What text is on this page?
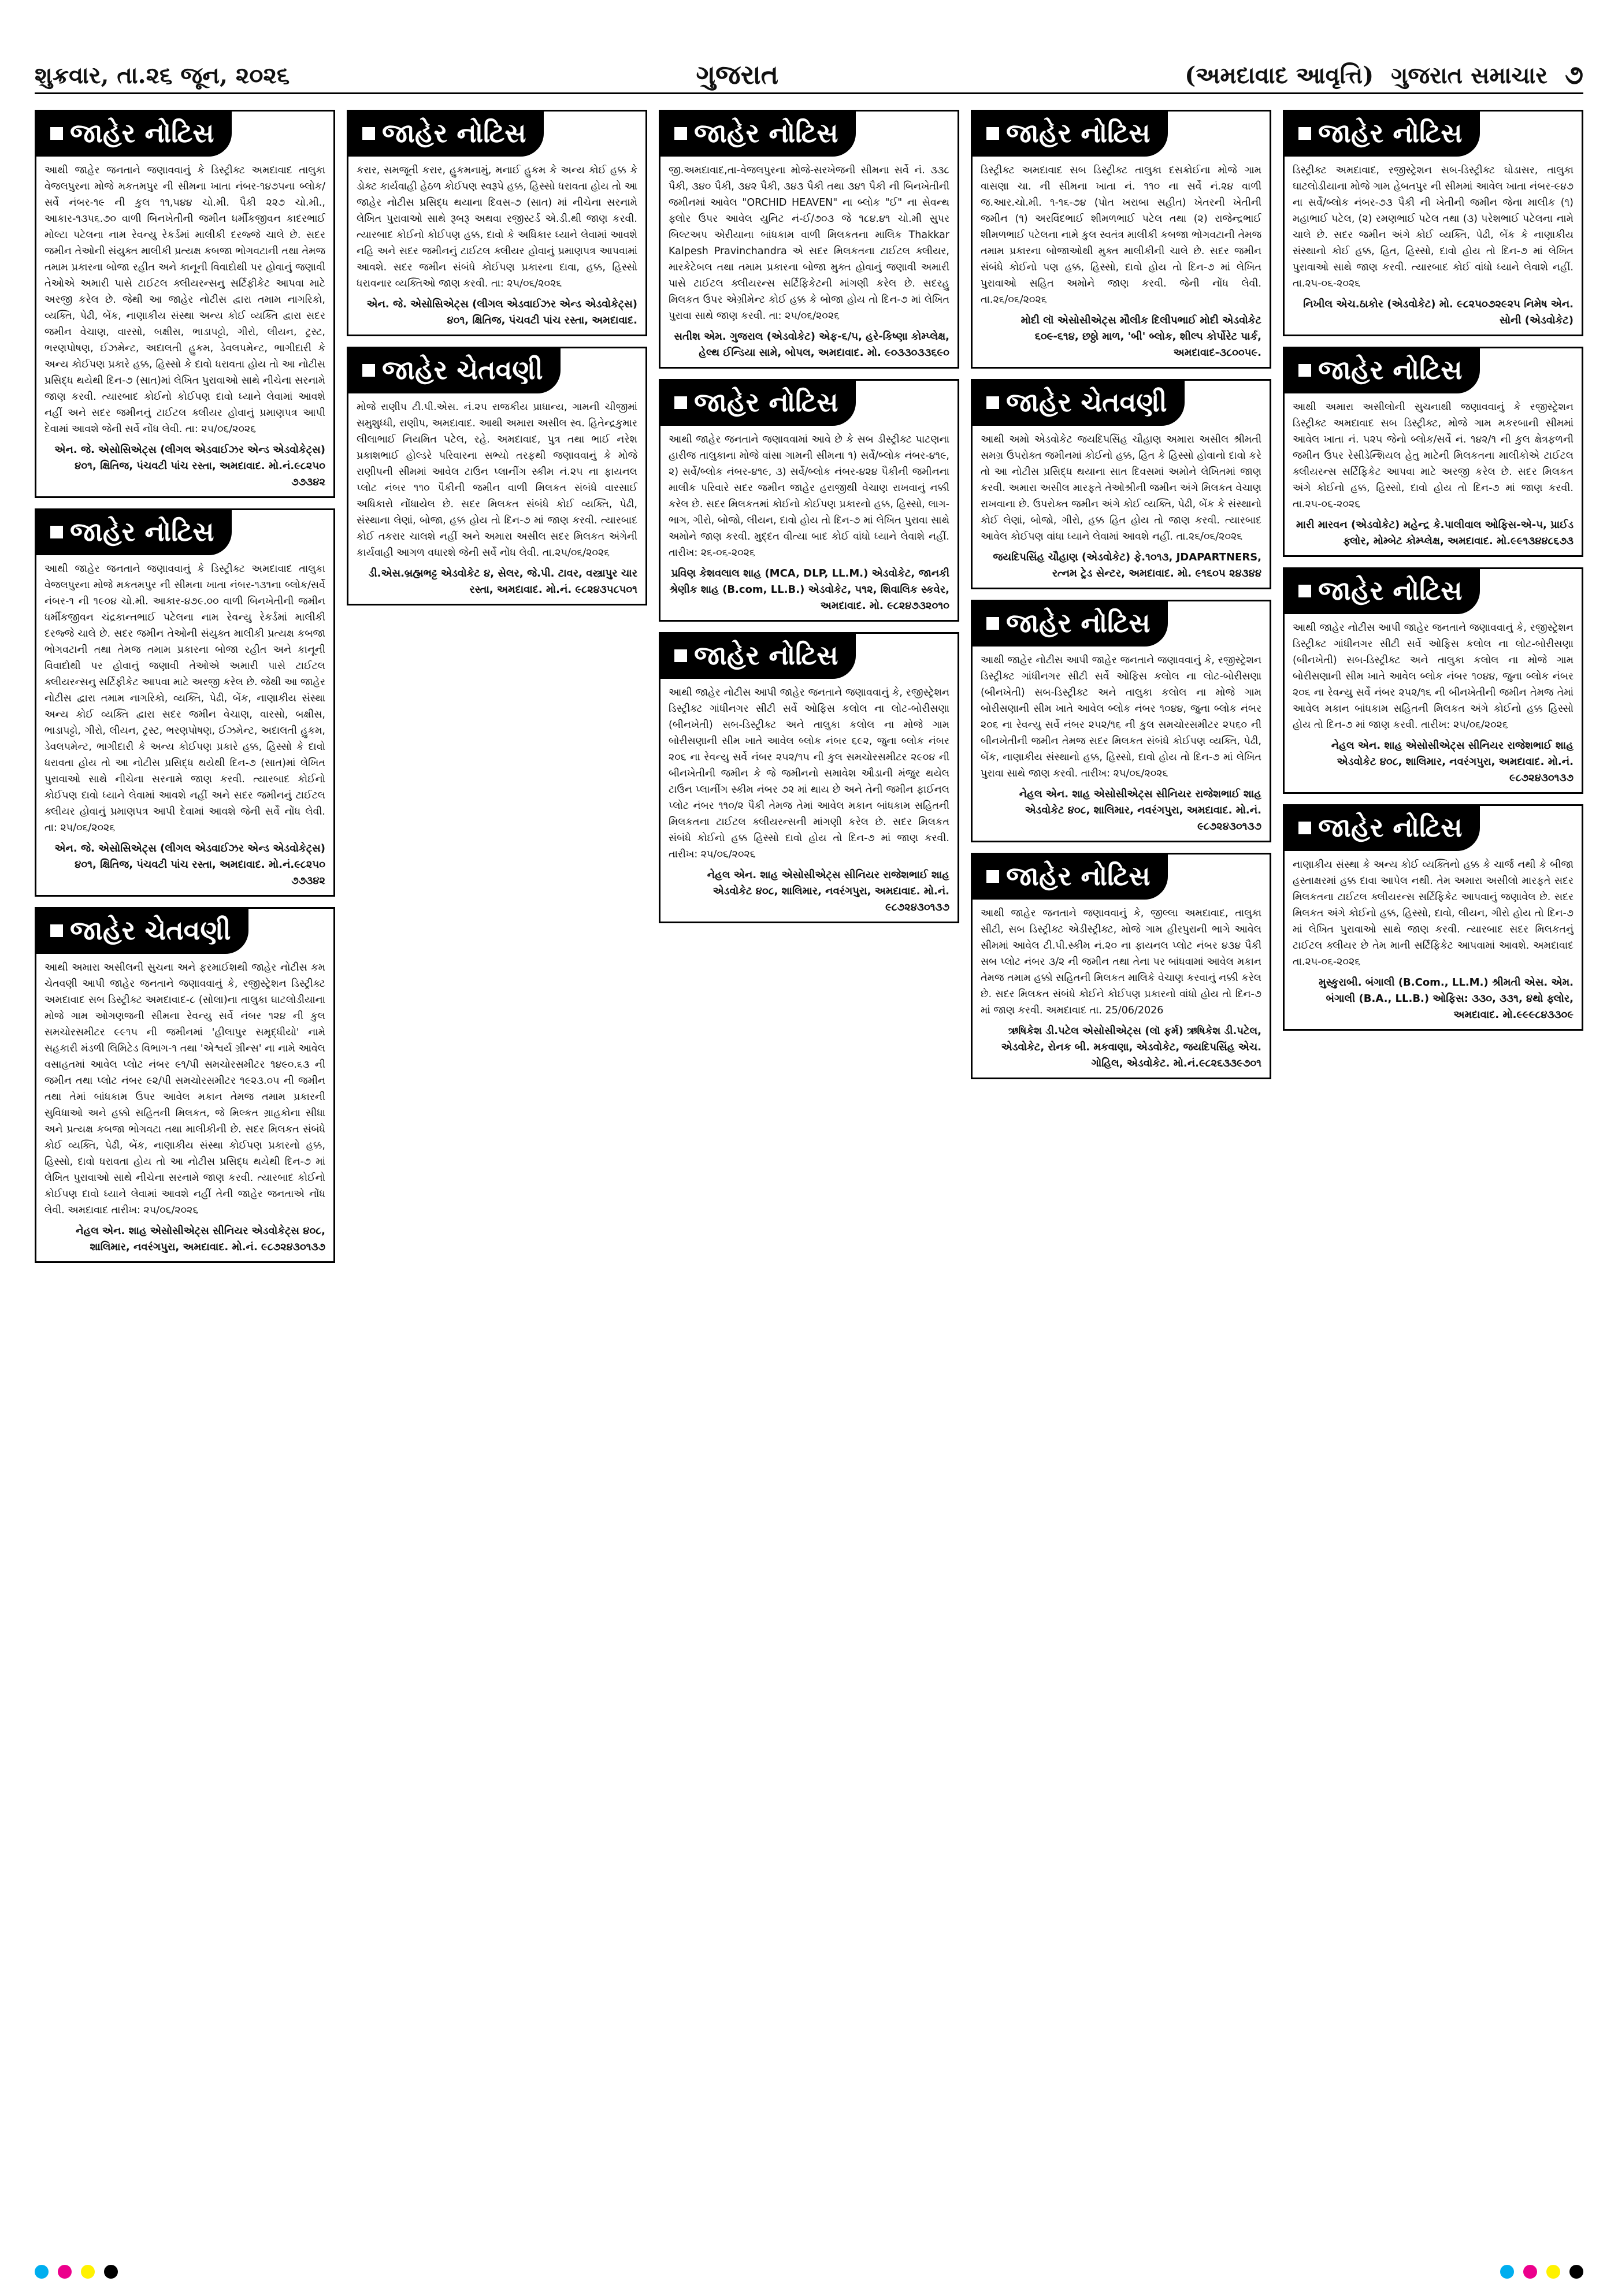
શુક્રવાર, તા.૨૬ જૂન, ૨૦૨૬	ગુજરાત	(અમદાવાદ આવૃત્તિ) ગુજરાત સમાચાર ૭
જાહેર નોટિસ

આથી જાહેર જનતાને જણાવવાનું કે ડિસ્ટ્રીક્ટ અમદાવાદ તાલુકા વેજલપુરના મોજે મકતમપુર ની સીમના ખાતા નંબર-૧૪૭૫ના બ્લોક/સર્વે નંબર-૧૯ ની કુલ ૧૧,૫૪૪ ચો.મી. પૈકી ૨૨૭ ચો.મી., આકાર-૧૩૫૬.૭૦ વાળી બિનખેતીની જમીન ધર્મીકજીવન કાદરભાઈ મોલ્ટા પટેલના નામ રેવન્યુ રેકર્ડમાં માલીકી દરજ્જે ચાલે છે. સદર જમીન તેઓની સંયુક્ત માલીકી પ્રત્યક્ષ કબજા ભોગવટાની તથા તેમજ તમામ પ્રકારના બોજા રહીત અને કાનૂની વિવાદોથી પર હોવાનું જણાવી તેઓએ અમારી પાસે ટાઈટલ ક્લીયરન્સનુ સર્ટિફીકેટ આપવા માટે અરજી કરેલ છે. જેથી આ જાહેર નોટીસ દ્વારા તમામ નાગરિકો, વ્યક્તિ, પેઢી, બેંક, નાણાકીય સંસ્થા અન્ય કોઈ વ્યક્તિ દ્વારા સદર જમીન વેચાણ, વારસો, બક્ષીસ, ભાડાપટ્ટો, ગીરો, લીયન, ટ્રસ્ટ, ભરણપોષણ, ઈઝમેન્ટ, અદાલતી હુકમ, ડેવલપમેન્ટ, ભાગીદારી કે અન્ય કોઈપણ પ્રકારે હક્ક, હિસ્સો કે દાવો ધરાવતા હોય તો આ નોટીસ પ્રસિદ્ધ થયેથી દિન-૭ (સાત)માં લેખિત પુરાવાઓ સાથે નીચેના સરનામે જાણ કરવી. ત્યારબાદ કોઈનો કોઈપણ દાવો ધ્યાને લેવામાં આવશે નહીં અને સદર જમીનનું ટાઈટલ ક્લીયર હોવાનું પ્રમાણપત્ર આપી દેવામાં આવશે જેની સર્વે નોંધ લેવી. તા: ૨૫/૦૬/૨૦૨૬

એન. જે. એસોસિએટ્સ (લીગલ એડવાઈઝર એન્ડ એડવોકેટ્સ) ૪૦૧, ક્ષિતિજ, પંચવટી પાંચ રસ્તા, અમદાવાદ. મો.નં.૯૮૨૫૦ ૭૭૩૪૨
જાહેર નોટિસ

આથી જાહેર જનતાને જણાવવાનું કે ડિસ્ટ્રીક્ટ અમદાવાદ તાલુકા વેજલપુરના મોજે મકતમપુર ની સીમના ખાતા નંબર-૧૩૧ના બ્લોક/સર્વે નંબર-૧ ની ૧૯૦૪ ચો.મી. આકાર-૪૭૯.૦૦ વાળી બિનખેતીની જમીન ધર્મીકજીવન ચંદ્રકાન્તભાઈ પટેલના નામ રેવન્યુ રેકર્ડમાં માલીકી દરજ્જે ચાલે છે. સદર જમીન તેઓની સંયુક્ત માલીકી પ્રત્યક્ષ કબજા ભોગવટાની તથા તેમજ તમામ પ્રકારના બોજા રહીત અને કાનૂની વિવાદોથી પર હોવાનું જણાવી તેઓએ અમારી પાસે ટાઈટલ ક્લીયરન્સનુ સર્ટિફીકેટ આપવા માટે અરજી કરેલ છે. જેથી આ જાહેર નોટીસ દ્વારા તમામ નાગરિકો, વ્યક્તિ, પેઢી, બેંક, નાણાકીય સંસ્થા અન્ય કોઈ વ્યક્તિ દ્વારા સદર જમીન વેચાણ, વારસો, બક્ષીસ, ભાડાપટ્ટો, ગીરો, લીયન, ટ્રસ્ટ, ભરણપોષણ, ઈઝમેન્ટ, અદાલતી હુકમ, ડેવલપમેન્ટ, ભાગીદારી કે અન્ય કોઈપણ પ્રકારે હક્ક, હિસ્સો કે દાવો ધરાવતા હોય તો આ નોટીસ પ્રસિદ્ધ થયેથી દિન-૭ (સાત)માં લેખિત પુરાવાઓ સાથે નીચેના સરનામે જાણ કરવી. ત્યારબાદ કોઈનો કોઈપણ દાવો ધ્યાને લેવામાં આવશે નહીં અને સદર જમીનનું ટાઈટલ ક્લીયર હોવાનું પ્રમાણપત્ર આપી દેવામાં આવશે જેની સર્વે નોંધ લેવી. તા: ૨૫/૦૬/૨૦૨૬

એન. જે. એસોસિએટ્સ (લીગલ એડવાઈઝર એન્ડ એડવોકેટ્સ) ૪૦૧, ક્ષિતિજ, પંચવટી પાંચ રસ્તા, અમદાવાદ. મો.નં.૯૮૨૫૦ ૭૭૩૪૨
જાહેર ચેતવણી

આથી અમારા અસીલની સુચના અને ફરમાઈશથી જાહેર નોટીસ કમ ચેતવણી આપી જાહેર જનતાને જણાવવાનું કે, રજીસ્ટ્રેશન ડિસ્ટ્રીક્ટ અમદાવાદ સબ ડિસ્ટ્રીક્ટ અમદાવાદ-૮ (સોલા)ના તાલુકા ઘાટલોડીયાના મોજે ગામ ઓગણજની સીમના રેવન્યુ સર્વે નંબર ૧૨૪ ની કુલ સમચોરસમીટર ૯૯૧૫ ની જમીનમાં 'હીલાપુર સમૃદ્ધીયો' નામે સહકારી મંડળી લિમિટેડ વિભાગ-૧ તથા 'એશ્વર્ય ગ્રીન્સ' ના નામે આવેલ વસાહતમાં આવેલ પ્લોટ નંબર ૯૧/પી સમચોરસમીટર ૧૪૯૦.૬૩ ની જમીન તથા પ્લોટ નંબર ૯૨/પી સમચોરસમીટર ૧૯૨૩.૦૫ ની જમીન તથા તેમાં બાંધકામ ઉપર આવેલ મકાન તેમજ તમામ પ્રકારની સુવિધાઓ અને હક્કો સહિતની મિલકત, જે મિલ્કત ગ્રાહકોના સીધા અને પ્રત્યક્ષ કબજા ભોગવટા તથા માલીકીની છે. સદર મિલકત સંબંધે કોઈ વ્યક્તિ, પેઢી, બેંક, નાણાકીય સંસ્થા કોઈપણ પ્રકારનો હક્ક, હિસ્સો, દાવો ધરાવતા હોય તો આ નોટીસ પ્રસિદ્ધ થયેથી દિન-૭ માં લેખિત પુરાવાઓ સાથે નીચેના સરનામે જાણ કરવી. ત્યારબાદ કોઈનો કોઈપણ દાવો ધ્યાને લેવામાં આવશે નહીં તેની જાહેર જનતાએ નોંધ લેવી. અમદાવાદ તારીખ: ૨૫/૦૬/૨૦૨૬

નેહલ એન. શાહ એસોસીએટ્સ સીનિયર એડવોકેટ્સ ૪૦૮, શાલિમાર, નવરંગપુરા, અમદાવાદ. મો.નં. ૯૮૭૨૪૩૦૧૩૭
જાહેર નોટિસ

કરાર, સમજૂતી કરાર, હુકમનામું, મનાઈ હુકમ કે અન્ય કોઈ હક્ક કે ડોક્ટ કાર્યવાહી હેઠળ કોઈપણ સ્વરૂપે હક્ક, હિસ્સો ધરાવતા હોય તો આ જાહેર નોટીસ પ્રસિદ્ધ થયાના દિવસ-૭ (સાત) માં નીચેના સરનામે લેખિત પુરાવાઓ સાથે રૂબરૂ અથવા રજીસ્ટર્ડ એ.ડી.થી જાણ કરવી. ત્યારબાદ કોઈનો કોઈપણ હક્ક, દાવો કે અધિકાર ધ્યાને લેવામાં આવશે નહિ અને સદર જમીનનું ટાઈટલ ક્લીયર હોવાનું પ્રમાણપત્ર આપવામાં આવશે. સદર જમીન સંબંધે કોઈપણ પ્રકારના દાવા, હક્ક, હિસ્સો ધરાવનાર વ્યક્તિઓ જાણ કરવી. તા: ૨૫/૦૬/૨૦૨૬

એન. જે. એસોસિએટ્સ (લીગલ એડવાઈઝર એન્ડ એડવોકેટ્સ) ૪૦૧, ક્ષિતિજ, પંચવટી પાંચ રસ્તા, અમદાવાદ.
જાહેર ચેતવણી

મોજે રાણીપ ટી.પી.એસ. નં.૨૫ રાજકીય પ્રાધાન્ય, ગામની ચીજીમાં સમુશુધ્ધી, રાણીપ, અમદાવાદ. આથી અમારા અસીલ સ્વ. હિતેન્દ્રકુમાર લીલાભાઈ નિયમિત પટેલ, રહે. અમદાવાદ, પુત્ર તથા ભાઈ નરેશ પ્રકાશભાઈ હોલ્ડરે પરિવારના સભ્યો તરફથી જણાવવાનું કે મોજે રાણીપની સીમમાં આવેલ ટાઉન પ્લાનીંગ સ્કીમ નં.૨૫ ના ફાયનલ પ્લોટ નંબર ૧૧૦ પૈકીની જમીન વાળી મિલકત સંબંધે વારસાઈ અધિકારો નોંધાયેલ છે. સદર મિલકત સંબંધે કોઈ વ્યક્તિ, પેઢી, સંસ્થાના લેણાં, બોજા, હક્ક હોય તો દિન-૭ માં જાણ કરવી. ત્યારબાદ કોઈ તકરાર ચાલશે નહીં અને અમારા અસીલ સદર મિલકત અંગેની કાર્યવાહી આગળ વધારશે જેની સર્વે નોંધ લેવી. તા.૨૫/૦૬/૨૦૨૬

ડી.એસ.બ્રહ્મભટ્ટ એડવોકેટ ૪, સેલર, જે.પી. ટાવર, વસ્ત્રાપુર ચાર રસ્તા, અમદાવાદ. મો.નં. ૯૮૨૪૩૫૮૫૦૧
જાહેર નોટિસ

જી.અમદાવાદ,તા-વેજલપુરના મોજે-સરખેજની સીમના સર્વે નં. ૩૩૮ પૈકી, ૩૪૦ પૈકી, ૩૪૨ પૈકી, ૩૪૩ પૈકી તથા ૩૪૧ પૈકી ની બિનખેતીની જમીનમાં આવેલ "ORCHID HEAVEN" ના બ્લોક "ઈ" ના સેવન્થ ફ્લોર ઉપર આવેલ યુનિટ નં-ઈ/૭૦૩ જે ૧૮૪.૪૧ ચો.મી સુપર બિલ્ટઅપ એરીયાના બાંધકામ વાળી મિલકતના માલિક Thakkar Kalpesh Pravinchandra એ સદર મિલકતના ટાઈટલ ક્લીયર, મારકેટેબલ તથા તમામ પ્રકારના બોજા મુક્ત હોવાનું જણાવી અમારી પાસે ટાઈટલ ક્લીયરન્સ સર્ટિફિકેટની માંગણી કરેલ છે. સદરહુ મિલકત ઉપર એગ્રીમેન્ટ કોઈ હક્ક કે બોજા હોય તો દિન-૭ માં લેખિત પુરાવા સાથે જાણ કરવી. તા: ૨૫/૦૬/૨૦૨૬

સતીશ એમ. ગુજરાલ (એડવોકેટ) એફ-૬/૫, હરે-કિષ્ણા કોમ્પ્લેક્ષ, હેલ્થ ઈન્ડિયા સામે, બોપલ, અમદાવાદ. મો. ૯૦૩૩૦૩૩૬૯૦
જાહેર નોટિસ

આથી જાહેર જનતાને જણાવવામાં આવે છે કે સબ ડીસ્ટ્રીક્ટ પાટણના હારીજ તાલુકાના મોજે વાંસા ગામની સીમના ૧) સર્વે/બ્લોક નંબર-૪૧૯, ૨) સર્વે/બ્લોક નંબર-૪૧૯, ૩) સર્વે/બ્લોક નંબર-૪૨૪ પૈકીની જમીનના માલીક પરિવારે સદર જમીન જાહેર હરાજીથી વેચાણ રાખવાનું નક્કી કરેલ છે. સદર મિલકતમાં કોઈનો કોઈપણ પ્રકારનો હક્ક, હિસ્સો, લાગ-ભાગ, ગીરો, બોજો, લીયન, દાવો હોય તો દિન-૭ માં લેખિત પુરાવા સાથે અમોને જાણ કરવી. મુદ્દત વીત્યા બાદ કોઈ વાંધો ધ્યાને લેવાશે નહીં. તારીખ: ૨૬-૦૬-૨૦૨૬

પ્રવિણ કેશવલાલ શાહ (MCA, DLP, LL.M.) એડવોકેટ, જાનકી શ્રેણીક શાહ (B.com, LL.B.) એડવોકેટ, ૫૧૨, શિવાલિક સ્કવેર, અમદાવાદ. મો. ૯૮૨૪૭૩૨૦૧૦
જાહેર નોટિસ

આથી જાહેર નોટીસ આપી જાહેર જનતાને જણાવવાનું કે, રજીસ્ટ્રેશન ડિસ્ટ્રીક્ટ ગાંધીનગર સીટી સર્વે ઓફિસ કલોલ ના લોટ-બોરીસણા (બીનખેતી) સબ-ડિસ્ટ્રીક્ટ અને તાલુકા કલોલ ના મોજે ગામ બોરીસણાની સીમ ખાતે આવેલ બ્લોક નંબર ૬૯૨, જુના બ્લોક નંબર ૨૦૬ ના રેવન્યુ સર્વે નંબર ૨૫૨/૧૫ ની કુલ સમચોરસમીટર ૨૯૦૪ ની બીનખેતીની જમીન કે જે જમીનનો સમાવેશ ઔડાની મંજુર થયેલ ટાઉન પ્લાનીંગ સ્કીમ નંબર ૭૨ માં થાય છે અને તેની જમીન ફાઈનલ પ્લોટ નંબર ૧૧૦/૨ પૈકી તેમજ તેમાં આવેલ મકાન બાંધકામ સહિતની મિલકતના ટાઈટલ ક્લીયરન્સની માંગણી કરેલ છે. સદર મિલકત સંબંધે કોઈનો હક્ક હિસ્સો દાવો હોય તો દિન-૭ માં જાણ કરવી. તારીખ: ૨૫/૦૬/૨૦૨૬

નેહલ એન. શાહ એસોસીએટ્સ સીનિયર રાજેશભાઈ શાહ એડવોકેટ ૪૦૮, શાલિમાર, નવરંગપુરા, અમદાવાદ. મો.નં. ૯૮૭૨૪૩૦૧૩૭
જાહેર નોટિસ

ડિસ્ટ્રીક્ટ અમદાવાદ સબ ડિસ્ટ્રીક્ટ તાલુકા દસક્રોઈના મોજે ગામ વાસણા ચા. ની સીમના ખાતા નં. ૧૧૦ ના સર્વે નં.૨૪ વાળી જ.આર.ચો.મી. ૧-૧૬-૭૪ (પોત ખરાબા સહીત) ખેતરની ખેતીની જમીન (૧) અરવિંદભાઈ શીમળભાઈ પટેલ તથા (૨) રાજેન્દ્રભાઈ શીમળભાઈ પટેલના નામે કુલ સ્વતંત્ર માલીકી કબજા ભોગવટાની તેમજ તમામ પ્રકારના બોજાઓથી મુક્ત માલીકીની ચાલે છે. સદર જમીન સંબંધે કોઈનો પણ હક્ક, હિસ્સો, દાવો હોય તો દિન-૭ માં લેખિત પુરાવાઓ સહિત અમોને જાણ કરવી. જેની નોંધ લેવી. તા.૨૬/૦૬/૨૦૨૬

મોદી લૉ એસોસીએટ્સ મૌલીક દિલીપભાઈ મોદી એડવોકેટ ૬૦૯-૬૧૪, છઠ્ઠો માળ, 'બી' બ્લોક, શીલ્પ કોર્પોરેટ પાર્ક, અમદાવાદ-૩૮૦૦૫૯.
જાહેર ચેતવણી

આથી અમો એડવોકેટ જયદિપસિંહ ચૌહાણ અમારા અસીલ શ્રીમતી સમગ્ર ઉપરોક્ત જમીનમાં કોઈનો હક્ક, હિત કે હિસ્સો હોવાનો દાવો કરે તો આ નોટીસ પ્રસિદ્ધ થયાના સાત દિવસમાં અમોને લેખિતમાં જાણ કરવી. અમારા અસીલ મારફતે તેઓશ્રીની જમીન અંગે મિલકત વેચાણ રાખવાના છે. ઉપરોક્ત જમીન અંગે કોઈ વ્યક્તિ, પેઢી, બેંક કે સંસ્થાનો કોઈ લેણાં, બોજો, ગીરો, હક્ક હિત હોય તો જાણ કરવી. ત્યારબાદ આવેલ કોઈપણ વાંધા ધ્યાને લેવામાં આવશે નહીં. તા.૨૬/૦૬/૨૦૨૬

જયદિપસિંહ ચૌહાણ (એડવોકેટ) ફે.૧૦૧૩, JDAPARTNERS, રત્નમ ટ્રેડ સેન્ટર, અમદાવાદ. મો. ૯૧૬૦૫ ૨૪૩૪૪
જાહેર નોટિસ

આથી જાહેર નોટીસ આપી જાહેર જનતાને જણાવવાનું કે, રજીસ્ટ્રેશન ડિસ્ટ્રીક્ટ ગાંધીનગર સીટી સર્વે ઓફિસ કલોલ ના લોટ-બોરીસણા (બીનખેતી) સબ-ડિસ્ટ્રીક્ટ અને તાલુકા કલોલ ના મોજે ગામ બોરીસણાની સીમ ખાતે આવેલ બ્લોક નંબર ૧૦૪૪, જુના બ્લોક નંબર ૨૦૬ ના રેવન્યુ સર્વે નંબર ૨૫૨/૧૬ ની કુલ સમચોરસમીટર ૨૫૬૦ ની બીનખેતીની જમીન તેમજ સદર મિલકત સંબંધે કોઈપણ વ્યક્તિ, પેઢી, બેંક, નાણાકીય સંસ્થાનો હક્ક, હિસ્સો, દાવો હોય તો દિન-૭ માં લેખિત પુરાવા સાથે જાણ કરવી. તારીખ: ૨૫/૦૬/૨૦૨૬

નેહલ એન. શાહ એસોસીએટ્સ સીનિયર રાજેશભાઈ શાહ એડવોકેટ ૪૦૮, શાલિમાર, નવરંગપુરા, અમદાવાદ. મો.નં. ૯૮૭૨૪૩૦૧૩૭
જાહેર નોટિસ

આથી જાહેર જનતાને જણાવવાનું કે, જીલ્લા અમદાવાદ, તાલુકા સીટી, સબ ડિસ્ટ્રીક્ટ એડીસ્ટ્રીક્ટ, મોજે ગામ હીરપુરાની ભાગે આવેલ સીમમાં આવેલ ટી.પી.સ્કીમ નં.૨૦ ના ફાયનલ પ્લોટ નંબર ૪૩૪ પૈકી સબ પ્લોટ નંબર ૩/૨ ની જમીન તથા તેના પર બાંધવામાં આવેલ મકાન તેમજ તમામ હક્કો સહિતની મિલકત માલિકે વેચાણ કરવાનું નક્કી કરેલ છે. સદર મિલકત સંબંધે કોઈને કોઈપણ પ્રકારનો વાંધો હોય તો દિન-૭ માં જાણ કરવી. અમદાવાદ તા. 25/06/2026

ઋષિકેશ ડી.પટેલ એસોસીએટ્સ (લૉ ફર્મ) ઋષિકેશ ડી.પટેલ, એડવોકેટ, રોનક બી. મકવાણા, એડવોકેટ, જયદિપસિંહ એચ. ગોહિલ, એડવોકેટ. મો.નં.૯૮૨૬૩૩૯૭૦૧
જાહેર નોટિસ

ડિસ્ટ્રીક્ટ અમદાવાદ, રજીસ્ટ્રેશન સબ-ડિસ્ટ્રીક્ટ ઘોડાસર, તાલુકા ઘાટલોડીયાના મોજે ગામ હેબતપુર ની સીમમાં આવેલ ખાતા નંબર-૯૪૭ ના સર્વે/બ્લોક નંબર-૭૩ પૈકી ની ખેતીની જમીન જેના માલીક (૧) મહાભાઈ પટેલ, (૨) રમણભાઈ પટેલ તથા (૩) પરેશભાઈ પટેલના નામે ચાલે છે. સદર જમીન અંગે કોઈ વ્યક્તિ, પેઢી, બેંક કે નાણાકીય સંસ્થાનો કોઈ હક્ક, હિત, હિસ્સો, દાવો હોય તો દિન-૭ માં લેખિત પુરાવાઓ સાથે જાણ કરવી. ત્યારબાદ કોઈ વાંધો ધ્યાને લેવાશે નહીં. તા.૨૫-૦૬-૨૦૨૬

નિખીલ એચ.ઠાકોર (એડવોકેટ) મો. ૯૮૨૫૦૭૨૯૨૫ નિમેષ એન. સોની (એડવોકેટ)
જાહેર નોટિસ

આથી અમારા અસીલોની સુચનાથી જણાવવાનું કે રજીસ્ટ્રેશન ડિસ્ટ્રીક્ટ અમદાવાદ સબ ડિસ્ટ્રીક્ટ, મોજે ગામ મકરબાની સીમમાં આવેલ ખાતા નં. ૫૨૫ જેનો બ્લોક/સર્વે નં. ૧૪૨/૧ ની કુલ ક્ષેત્રફળની જમીન ઉપર રેસીડેન્શિયલ હેતુ માટેની મિલકતના માલીકોએ ટાઈટલ ક્લીયરન્સ સર્ટિફિકેટ આપવા માટે અરજી કરેલ છે. સદર મિલકત અંગે કોઈનો હક્ક, હિસ્સો, દાવો હોય તો દિન-૭ માં જાણ કરવી. તા.૨૫-૦૬-૨૦૨૬

મારી મારવન (એડવોકેટ) મહેન્દ્ર કે.પાલીવાલ ઓફિસ-એ-૫, પ્રાઈડ ફ્લોર, મોમ્બેટ કોમ્પ્લેક્ષ, અમદાવાદ. મો.૯૯૧૩૪૪૮૬૭૩
જાહેર નોટિસ

આથી જાહેર નોટીસ આપી જાહેર જનતાને જણાવવાનું કે, રજીસ્ટ્રેશન ડિસ્ટ્રીક્ટ ગાંધીનગર સીટી સર્વે ઓફિસ કલોલ ના લોટ-બોરીસણા (બીનખેતી) સબ-ડિસ્ટ્રીક્ટ અને તાલુકા કલોલ ના મોજે ગામ બોરીસણાની સીમ ખાતે આવેલ બ્લોક નંબર ૧૦૪૪, જુના બ્લોક નંબર ૨૦૬ ના રેવન્યુ સર્વે નંબર ૨૫૨/૧૬ ની બીનખેતીની જમીન તેમજ તેમાં આવેલ મકાન બાંધકામ સહિતની મિલકત અંગે કોઈનો હક્ક હિસ્સો હોય તો દિન-૭ માં જાણ કરવી. તારીખ: ૨૫/૦૬/૨૦૨૬

નેહલ એન. શાહ એસોસીએટ્સ સીનિયર રાજેશભાઈ શાહ એડવોકેટ ૪૦૮, શાલિમાર, નવરંગપુરા, અમદાવાદ. મો.નં. ૯૮૭૨૪૩૦૧૩૭
જાહેર નોટિસ

નાણાકીય સંસ્થા કે અન્ય કોઈ વ્યક્તિનો હક્ક કે ચાર્જ નથી કે બીજા હસ્તાક્ષરમાં હક્ક દાવા આપેલ નથી. તેમ અમારા અસીલો મારફતે સદર મિલકતના ટાઈટલ ક્લીયરન્સ સર્ટિફિકેટ આપવાનું જણાવેલ છે. સદર મિલકત અંગે કોઈનો હક્ક, હિસ્સો, દાવો, લીયન, ગીરો હોય તો દિન-૭ માં લેખિત પુરાવાઓ સાથે જાણ કરવી. ત્યારબાદ સદર મિલકતનું ટાઈટલ ક્લીયર છે તેમ માની સર્ટિફિકેટ આપવામાં આવશે. અમદાવાદ તા.૨૫-૦૬-૨૦૨૬

મુસ્કુરાબી. બંગાલી (B.Com., LL.M.) શ્રીમતી એસ. એમ. બંગાલી (B.A., LL.B.) ઓફિસ: ૩૩૦, ૩૩૧, ૪થો ફ્લોર, અમદાવાદ. મો.૯૯૯૮૪૩૩૦૯
